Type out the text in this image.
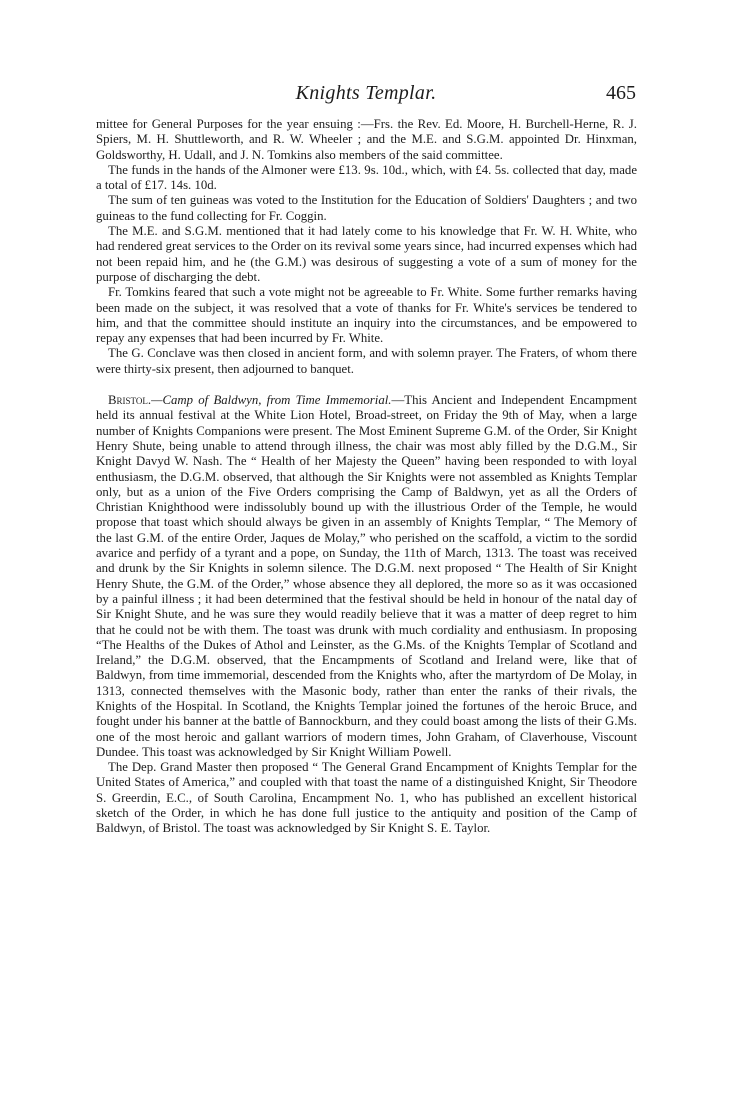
Knights Templar.	465

mittee for General Purposes for the year ensuing :—Frs. the Rev. Ed. Moore, H. Burchell-Herne, R. J. Spiers, M. H. Shuttleworth, and R. W. Wheeler ; and the M.E. and S.G.M. appointed Dr. Hinxman, Goldsworthy, H. Udall, and J. N. Tomkins also members of the said committee.

The funds in the hands of the Almoner were £13. 9s. 10d., which, with £4. 5s. collected that day, made a total of £17. 14s. 10d.

The sum of ten guineas was voted to the Institution for the Education of Soldiers' Daughters ; and two guineas to the fund collecting for Fr. Coggin.

The M.E. and S.G.M. mentioned that it had lately come to his knowledge that Fr. W. H. White, who had rendered great services to the Order on its revival some years since, had incurred expenses which had not been repaid him, and he (the G.M.) was desirous of suggesting a vote of a sum of money for the purpose of discharging the debt.

Fr. Tomkins feared that such a vote might not be agreeable to Fr. White. Some further remarks having been made on the subject, it was resolved that a vote of thanks for Fr. White's services be tendered to him, and that the committee should institute an inquiry into the circumstances, and be empowered to repay any expenses that had been incurred by Fr. White.

The G. Conclave was then closed in ancient form, and with solemn prayer. The Fraters, of whom there were thirty-six present, then adjourned to banquet.

Bristol.—Camp of Baldwyn, from Time Immemorial.—This Ancient and Independent Encampment held its annual festival at the White Lion Hotel, Broad-street, on Friday the 9th of May, when a large number of Knights Companions were present. The Most Eminent Supreme G.M. of the Order, Sir Knight Henry Shute, being unable to attend through illness, the chair was most ably filled by the D.G.M., Sir Knight Davyd W. Nash. The “ Health of her Majesty the Queen” having been responded to with loyal enthusiasm, the D.G.M. observed, that although the Sir Knights were not assembled as Knights Templar only, but as a union of the Five Orders comprising the Camp of Baldwyn, yet as all the Orders of Christian Knighthood were indissolubly bound up with the illustrious Order of the Temple, he would propose that toast which should always be given in an assembly of Knights Templar, “ The Memory of the last G.M. of the entire Order, Jaques de Molay,” who perished on the scaffold, a victim to the sordid avarice and perfidy of a tyrant and a pope, on Sunday, the 11th of March, 1313. The toast was received and drunk by the Sir Knights in solemn silence. The D.G.M. next proposed “ The Health of Sir Knight Henry Shute, the G.M. of the Order,” whose absence they all deplored, the more so as it was occasioned by a painful illness ; it had been determined that the festival should be held in honour of the natal day of Sir Knight Shute, and he was sure they would readily believe that it was a matter of deep regret to him that he could not be with them. The toast was drunk with much cordiality and enthusiasm. In proposing “The Healths of the Dukes of Athol and Leinster, as the G.Ms. of the Knights Templar of Scotland and Ireland,” the D.G.M. observed, that the Encampments of Scotland and Ireland were, like that of Baldwyn, from time immemorial, descended from the Knights who, after the martyrdom of De Molay, in 1313, connected themselves with the Masonic body, rather than enter the ranks of their rivals, the Knights of the Hospital. In Scotland, the Knights Templar joined the fortunes of the heroic Bruce, and fought under his banner at the battle of Bannockburn, and they could boast among the lists of their G.Ms. one of the most heroic and gallant warriors of modern times, John Graham, of Claverhouse, Viscount Dundee. This toast was acknowledged by Sir Knight William Powell.

The Dep. Grand Master then proposed “ The General Grand Encampment of Knights Templar for the United States of America,” and coupled with that toast the name of a distinguished Knight, Sir Theodore S. Greerdin, E.C., of South Carolina, Encampment No. 1, who has published an excellent historical sketch of the Order, in which he has done full justice to the antiquity and position of the Camp of Baldwyn, of Bristol. The toast was acknowledged by Sir Knight S. E. Taylor.
